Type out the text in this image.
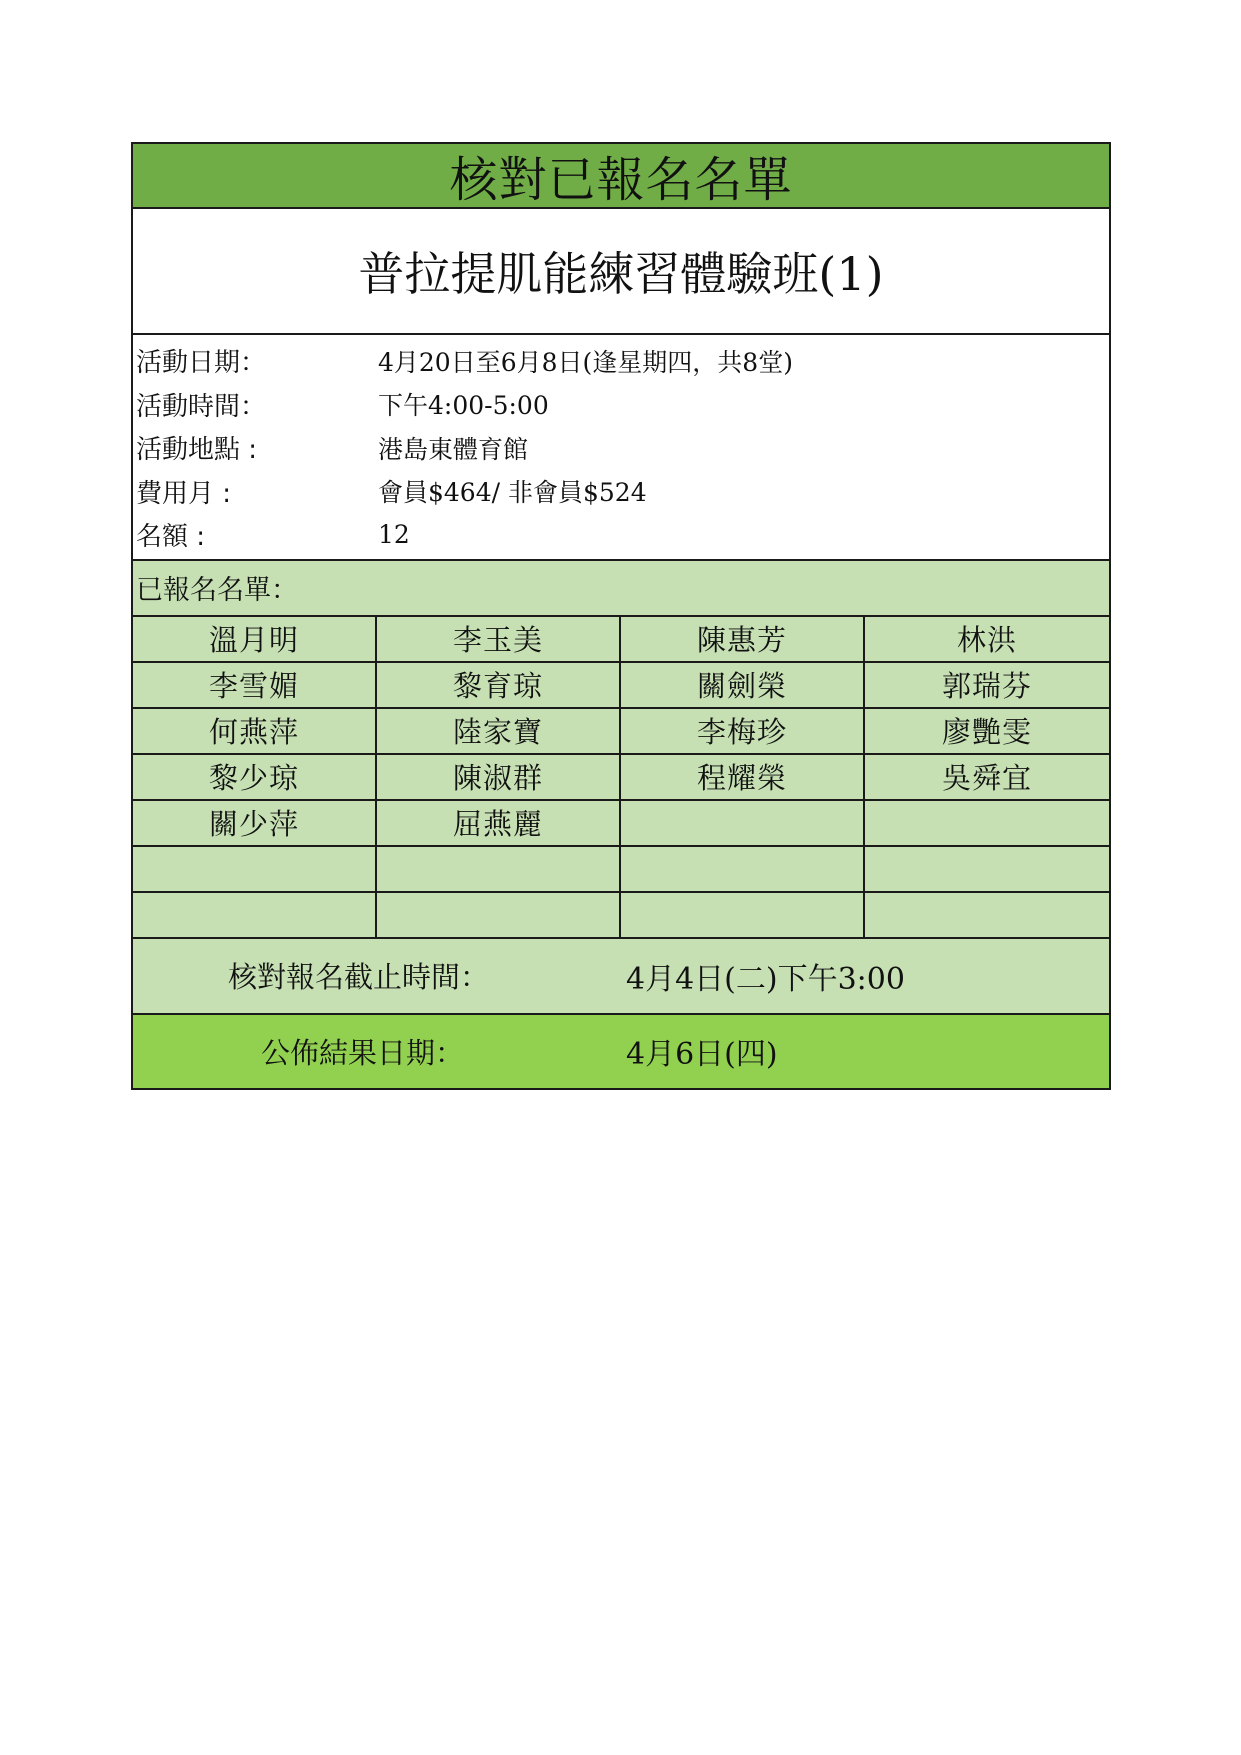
核對已報名名單
普拉提肌能練習體驗班(1)
活動日期：	4月20日至6月8日(逢星期四，共8堂)
活動時間：	下午4:00-5:00
活動地點 :	港島東體育館
費用月 :	會員$464/ 非會員$524
名額 :	12
已報名名單：
溫月明	李玉美	陳惠芳	林洪
李雪媚	黎育琼	關劍榮	郭瑞芬
何燕萍	陸家寶	李梅珍	廖艷雯
黎少琼	陳淑群	程耀榮	吳舜宜
關少萍	屈燕麗
核對報名截止時間：	4月4日(二)下午3:00
公佈結果日期：	4月6日(四)
